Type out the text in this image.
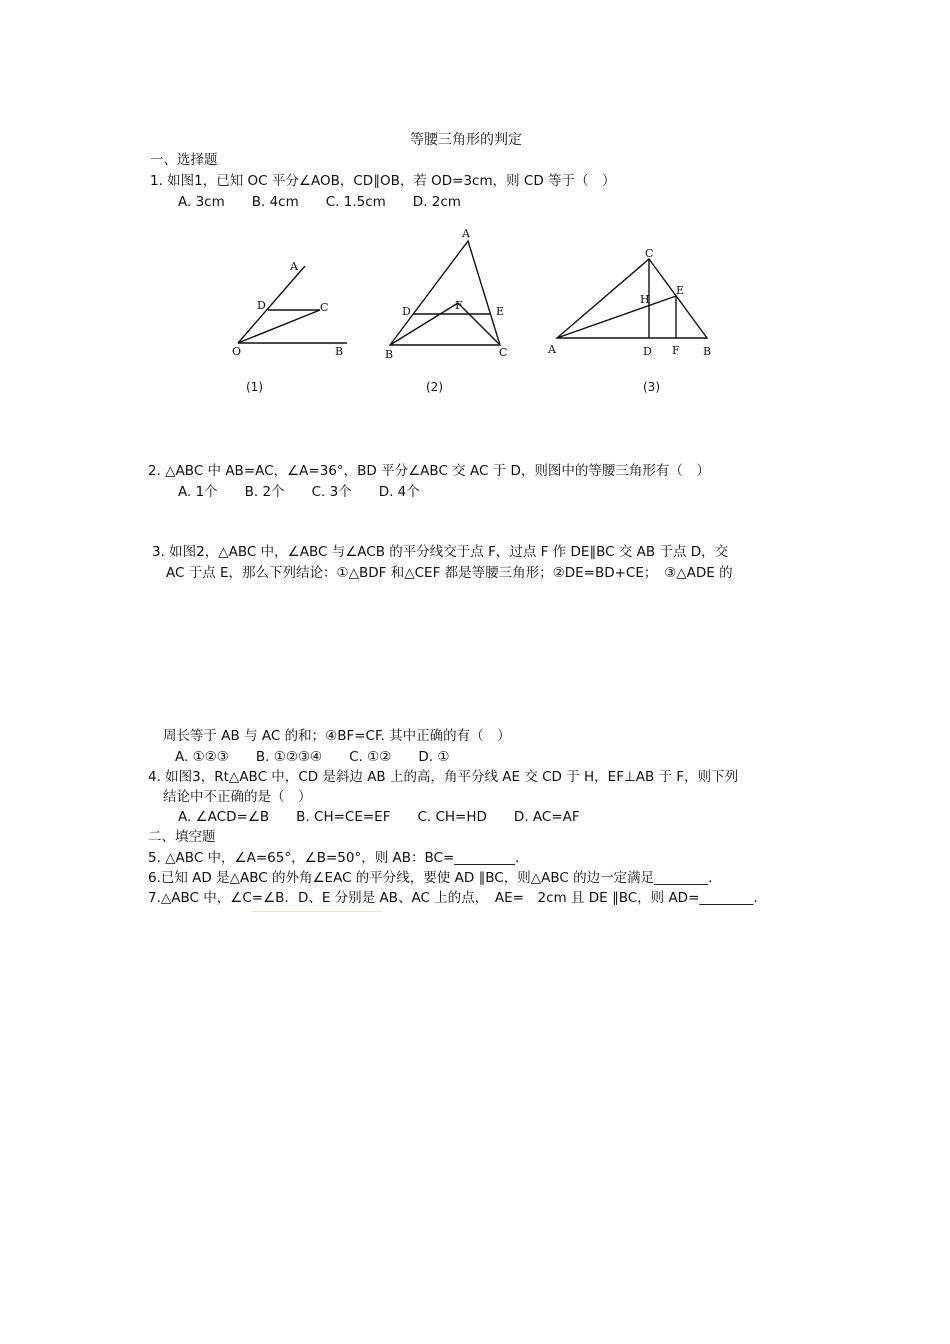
等腰三角形的判定
一、选择题
1. 如图1，已知 OC 平分∠AOB，CD∥OB，若 OD=3cm，则 CD 等于（　）
A. 3cm　　B. 4cm　　C. 1.5cm　　D. 2cm
A
D	C
O	B
(1)
A
D	F	E
B	C
(2)
C
H
E
A	D F B
(3)
2. △ABC 中 AB=AC，∠A=36°，BD 平分∠ABC 交 AC 于 D，则图中的等腰三角形有（　）
A. 1个　　B. 2个　　C. 3个　　D. 4个
3. 如图2，△ABC 中，∠ABC 与∠ACB 的平分线交于点 F，过点 F 作 DE∥BC 交 AB 于点 D，交
AC 于点 E，那么下列结论：①△BDF 和△CEF 都是等腰三角形；②DE=BD+CE；　③△ADE 的
周长等于 AB 与 AC 的和；④BF=CF. 其中正确的有（　）
A. ①②③　　B. ①②③④　　C. ①②　　D. ①
4. 如图3，Rt△ABC 中，CD 是斜边 AB 上的高，角平分线 AE 交 CD 于 H，EF⊥AB 于 F，则下列
结论中不正确的是（　）
A. ∠ACD=∠B　　B. CH=CE=EF　　C. CH=HD　　D. AC=AF
二、填空题
5. △ABC 中，∠A=65°，∠B=50°，则 AB：BC=_________.
6.已知 AD 是△ABC 的外角∠EAC 的平分线，要使 AD ∥BC，则△ABC 的边一定满足________.
7.△ABC 中，∠C=∠B．D、E 分别是 AB、AC 上的点，　AE=　2cm 且 DE ∥BC，则 AD=________.
